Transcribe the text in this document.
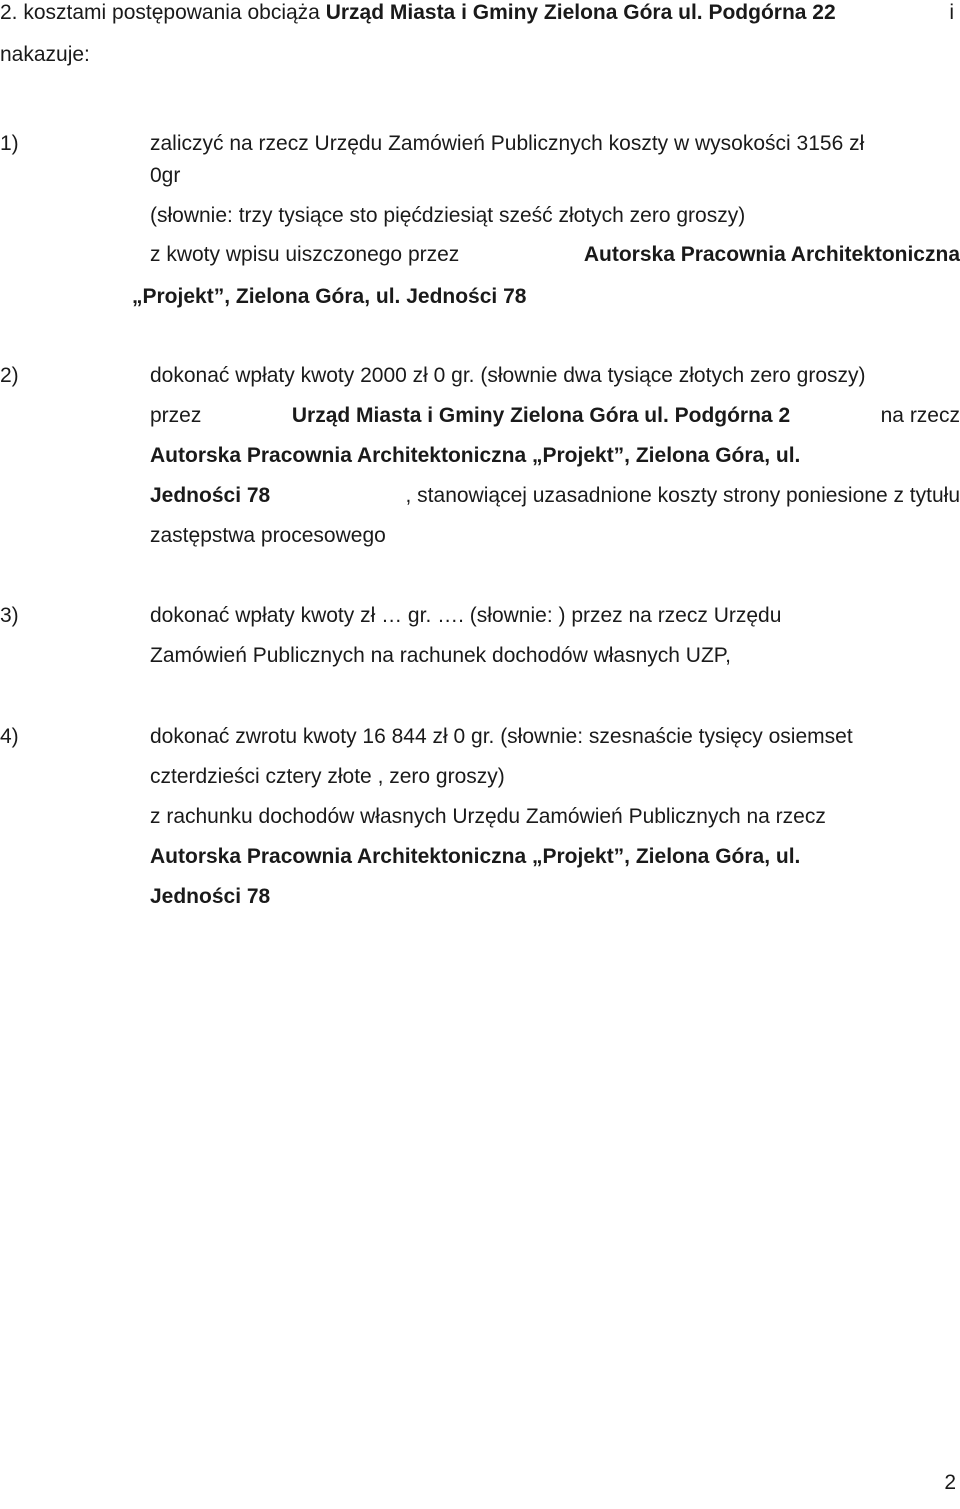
2. kosztami postępowania obciąża Urząd Miasta i Gminy Zielona Góra ul. Podgórna 22	i
nakazuje:
1)	zaliczyć na rzecz Urzędu Zamówień Publicznych koszty w wysokości 3156 zł
0gr
(słownie: trzy tysiące sto pięćdziesiąt sześć złotych zero groszy)
z kwoty wpisu uiszczonego przez	Autorska Pracownia Architektoniczna
„Projekt”, Zielona Góra, ul. Jedności 78
2)	dokonać wpłaty kwoty 2000 zł 0 gr. (słownie dwa tysiące złotych zero groszy)
przez	Urząd Miasta i Gminy Zielona Góra ul. Podgórna 2	na rzecz
Autorska Pracownia Architektoniczna „Projekt”, Zielona Góra, ul.
Jedności 78	, stanowiącej uzasadnione koszty strony poniesione z tytułu
zastępstwa procesowego
3)	dokonać wpłaty kwoty zł … gr. …. (słownie: ) przez na rzecz Urzędu
Zamówień Publicznych na rachunek dochodów własnych UZP,
4)	dokonać zwrotu kwoty 16 844 zł 0 gr. (słownie: szesnaście tysięcy osiemset
czterdzieści cztery złote , zero groszy)
z rachunku dochodów własnych Urzędu Zamówień Publicznych na rzecz
Autorska Pracownia Architektoniczna „Projekt”, Zielona Góra, ul.
Jedności 78
2
